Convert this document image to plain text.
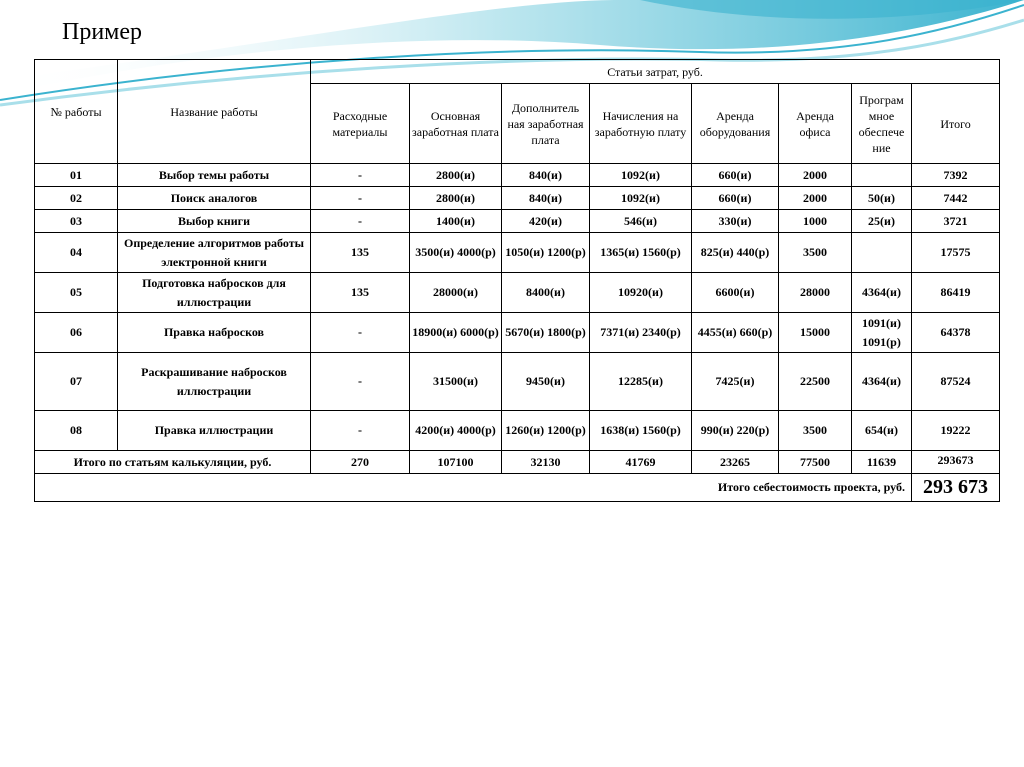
Пример
№ работы	Название работы	Статьи затрат, руб.							
		Расходные материалы	Основная заработная плата	Дополнитель ная заработная плата	Начисления на заработную плату	Аренда оборудования	Аренда офиса	Програм мное обеспече ние	Итого
01	Выбор темы работы	-	2800(и)	840(и)	1092(и)	660(и)	2000		7392
02	Поиск аналогов	-	2800(и)	840(и)	1092(и)	660(и)	2000	50(и)	7442
03	Выбор книги	-	1400(и)	420(и)	546(и)	330(и)	1000	25(и)	3721
04	Определение алгоритмов работы электронной книги	135	3500(и) 4000(р)	1050(и) 1200(р)	1365(и) 1560(р)	825(и) 440(р)	3500		17575
05	Подготовка набросков для иллюстрации	135	28000(и)	8400(и)	10920(и)	6600(и)	28000	4364(и)	86419
06	Правка набросков	-	18900(и) 6000(р)	5670(и) 1800(р)	7371(и) 2340(р)	4455(и) 660(р)	15000	1091(и) 1091(р)	64378
07	Раскрашивание набросков иллюстрации	-	31500(и)	9450(и)	12285(и)	7425(и)	22500	4364(и)	87524
08	Правка иллюстрации	-	4200(и) 4000(р)	1260(и) 1200(р)	1638(и) 1560(р)	990(и) 220(р)	3500	654(и)	19222
Итого по статьям калькуляции, руб.		270	107100	32130	41769	23265	77500	11639	293673
Итого себестоимость проекта, руб.									293 673
